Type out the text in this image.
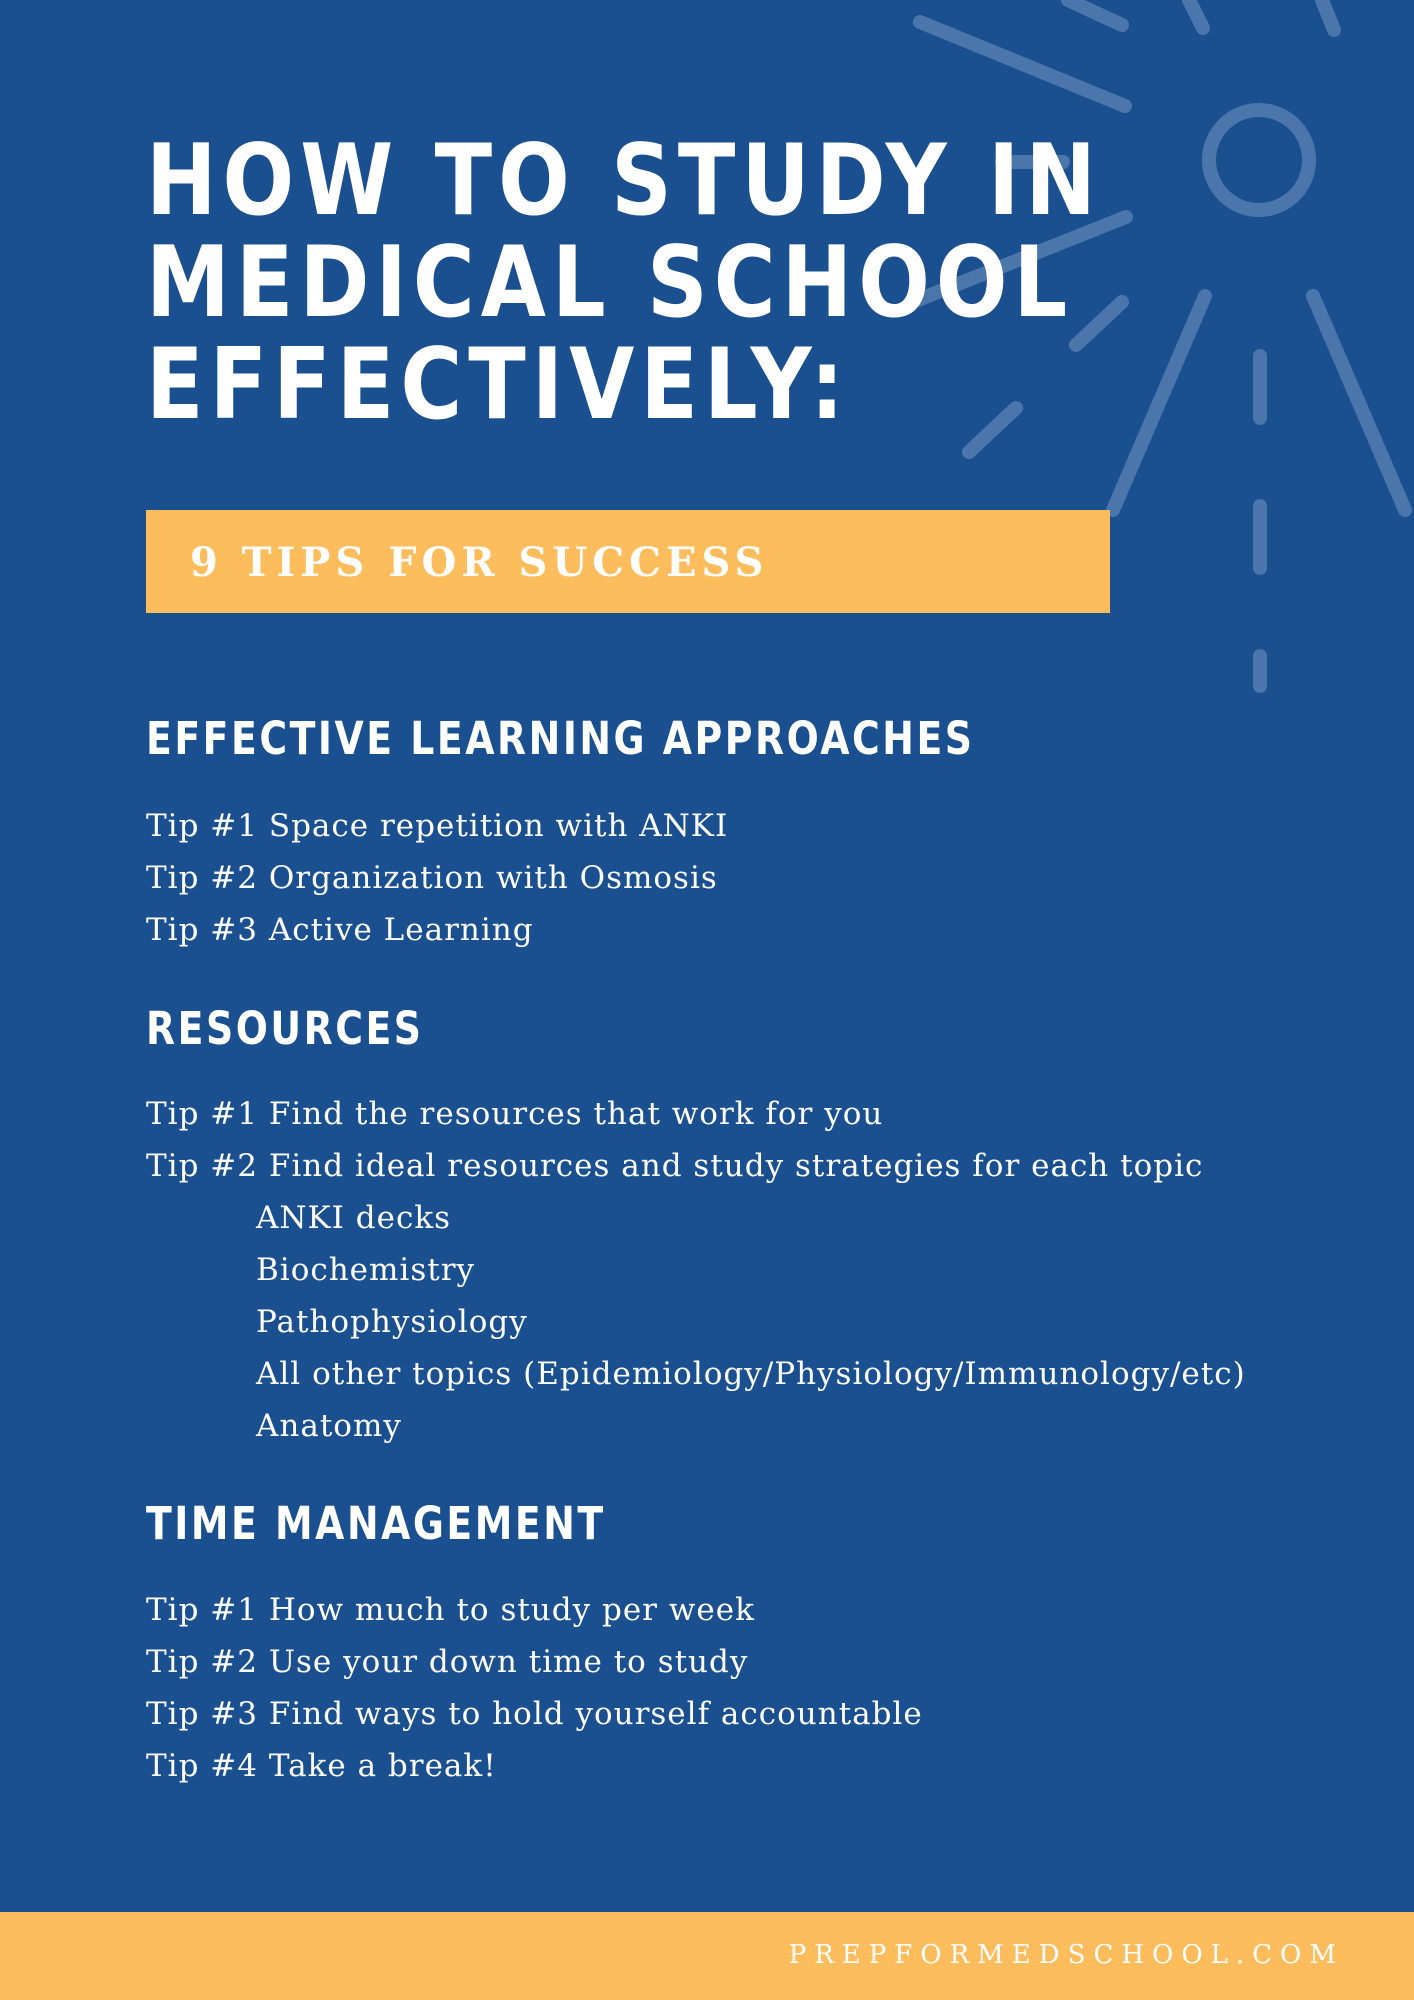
HOW TO STUDY IN
MEDICAL SCHOOL
EFFECTIVELY:
9 TIPS FOR SUCCESS
EFFECTIVE LEARNING APPROACHES
Tip #1 Space repetition with ANKI
Tip #2 Organization with Osmosis
Tip #3 Active Learning
RESOURCES
Tip #1 Find the resources that work for you
Tip #2 Find ideal resources and study strategies for each topic
ANKI decks
Biochemistry
Pathophysiology
All other topics (Epidemiology/Physiology/Immunology/etc)
Anatomy
TIME MANAGEMENT
Tip #1 How much to study per week
Tip #2 Use your down time to study
Tip #3 Find ways to hold yourself accountable
Tip #4 Take a break!
PREPFORMEDSCHOOL.COM
